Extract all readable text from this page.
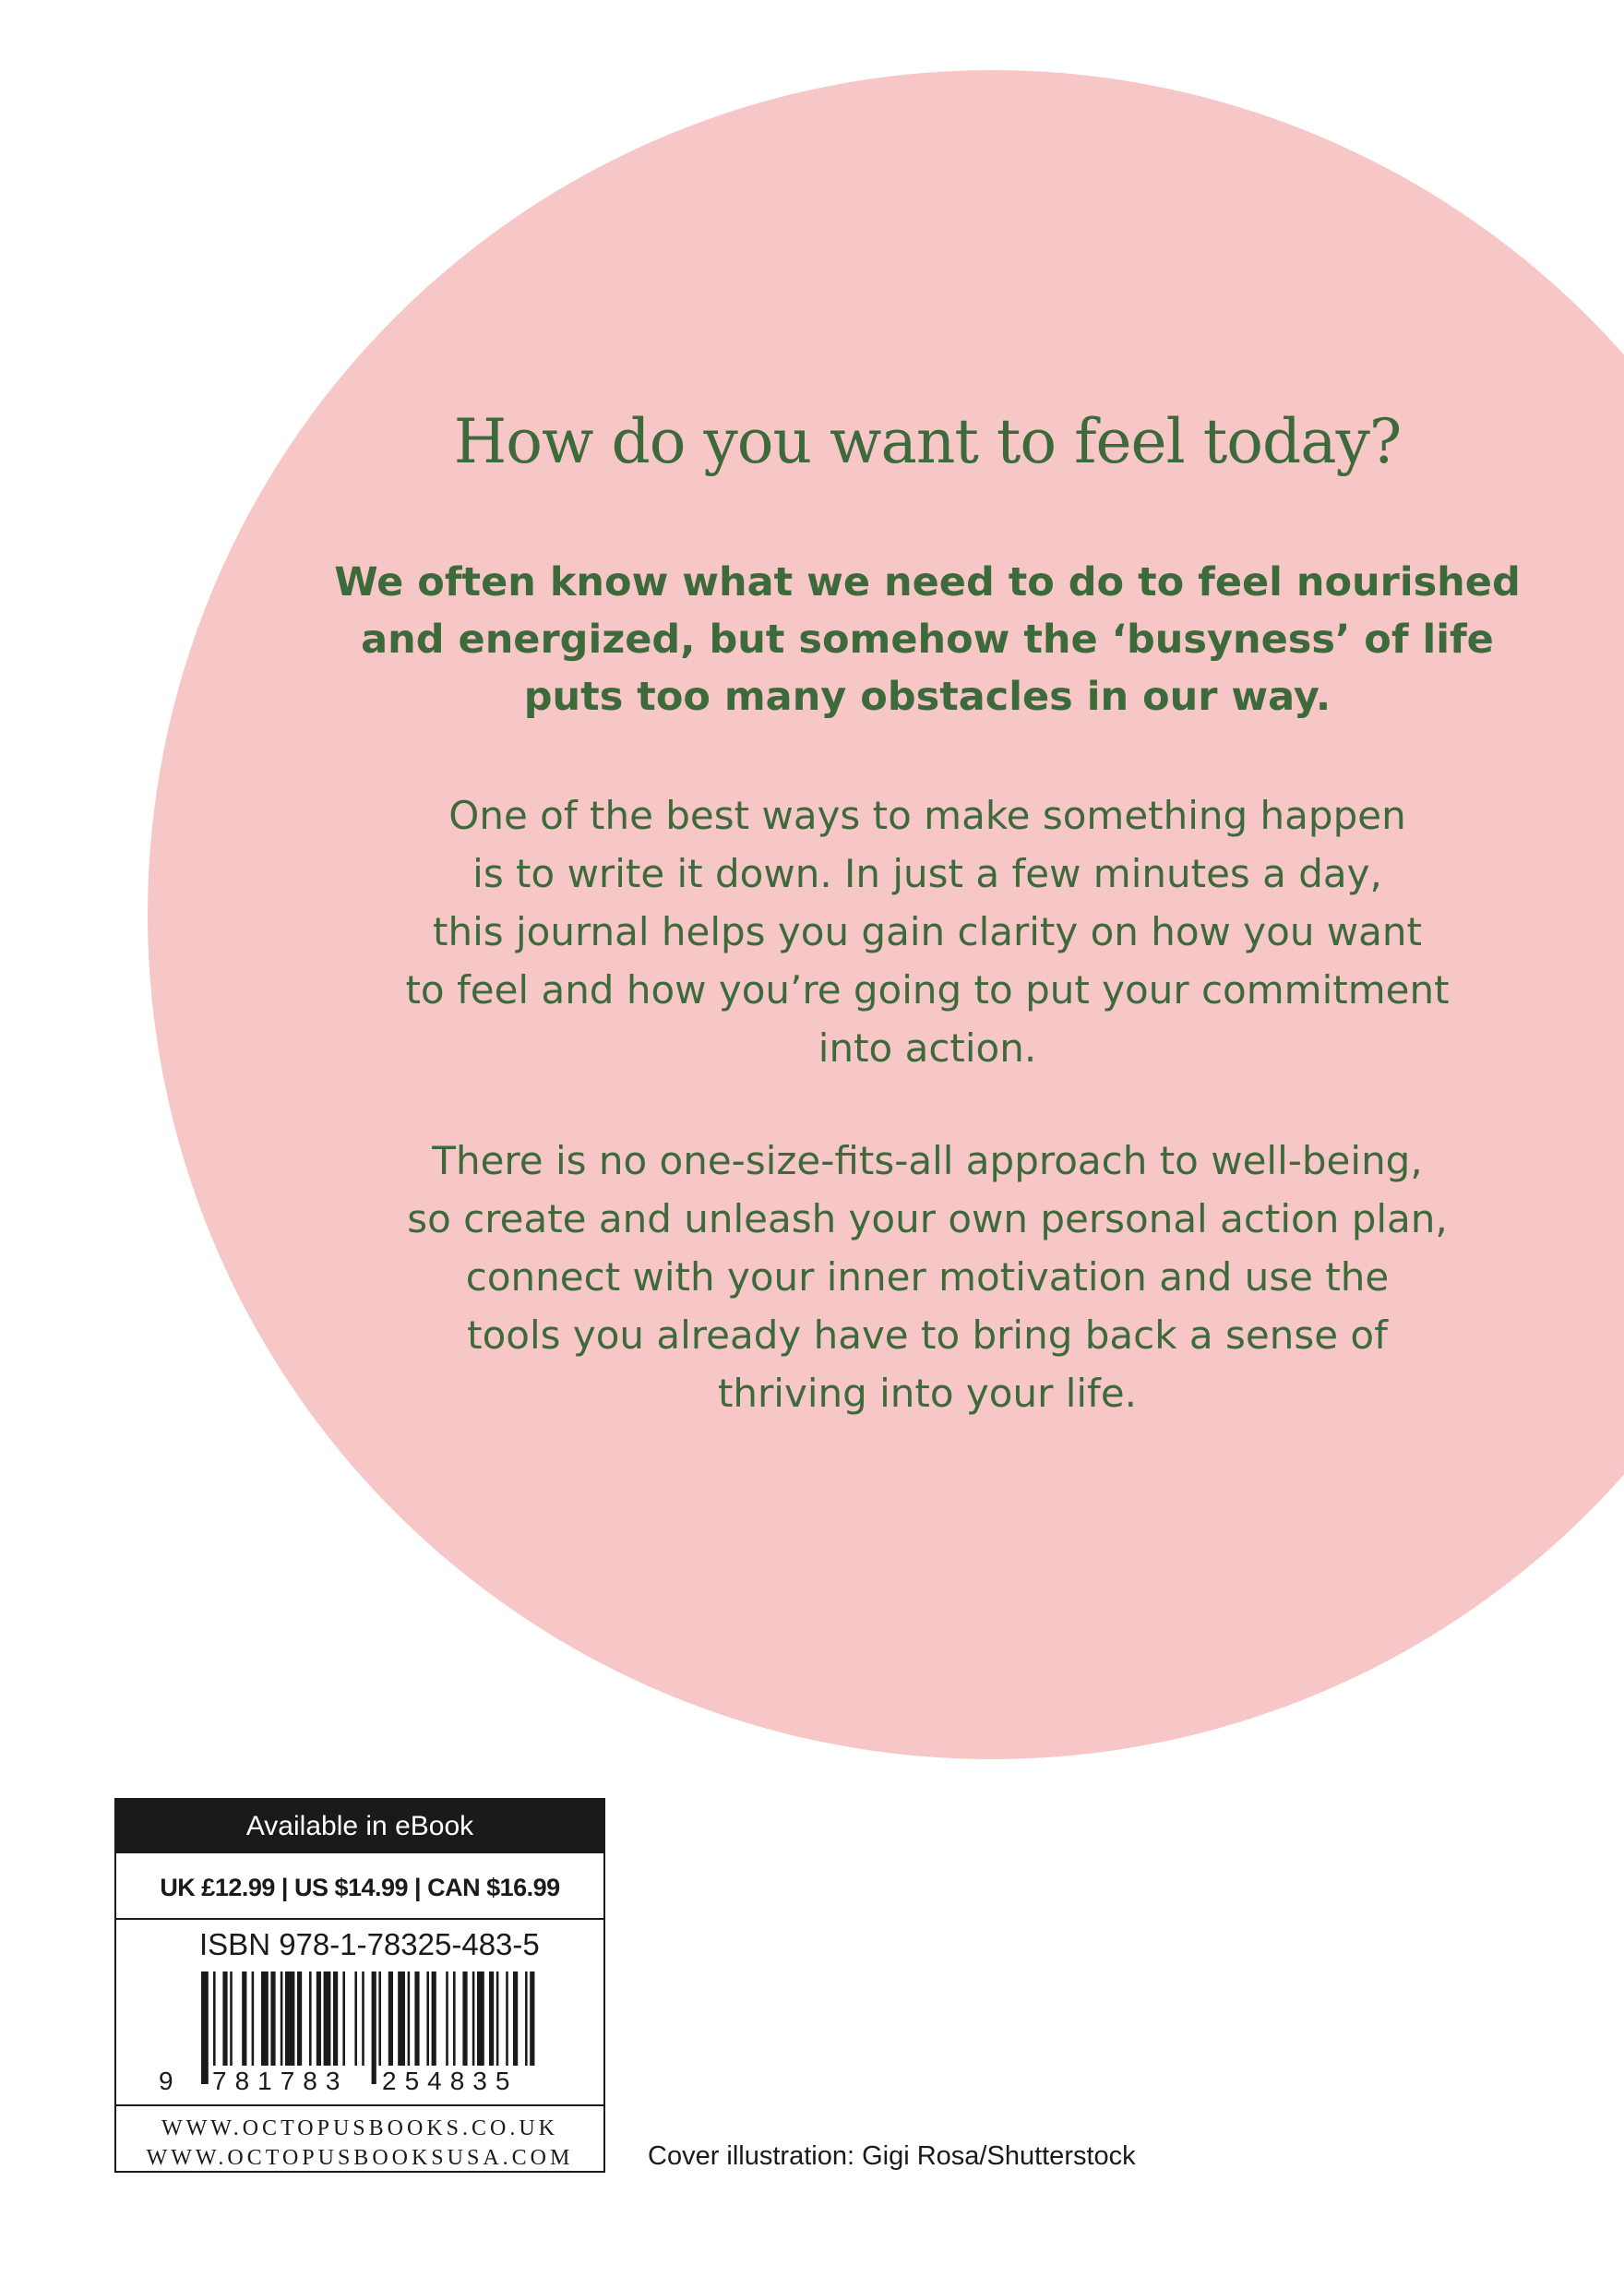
How do you want to feel today?
We often know what we need to do to feel nourished
and energized, but somehow the ‘busyness’ of life
puts too many obstacles in our way.
One of the best ways to make something happen
is to write it down. In just a few minutes a day,
this journal helps you gain clarity on how you want
to feel and how you’re going to put your commitment
into action.
There is no one-size-fits-all approach to well-being,
so create and unleash your own personal action plan,
connect with your inner motivation and use the
tools you already have to bring back a sense of
thriving into your life.
Available in eBook
UK £12.99 | US $14.99 | CAN $16.99
ISBN 978-1-78325-483-5
9 781783 254835
WWW.OCTOPUSBOOKS.CO.UK
WWW.OCTOPUSBOOKSUSA.COM	Cover illustration: Gigi Rosa/Shutterstock
